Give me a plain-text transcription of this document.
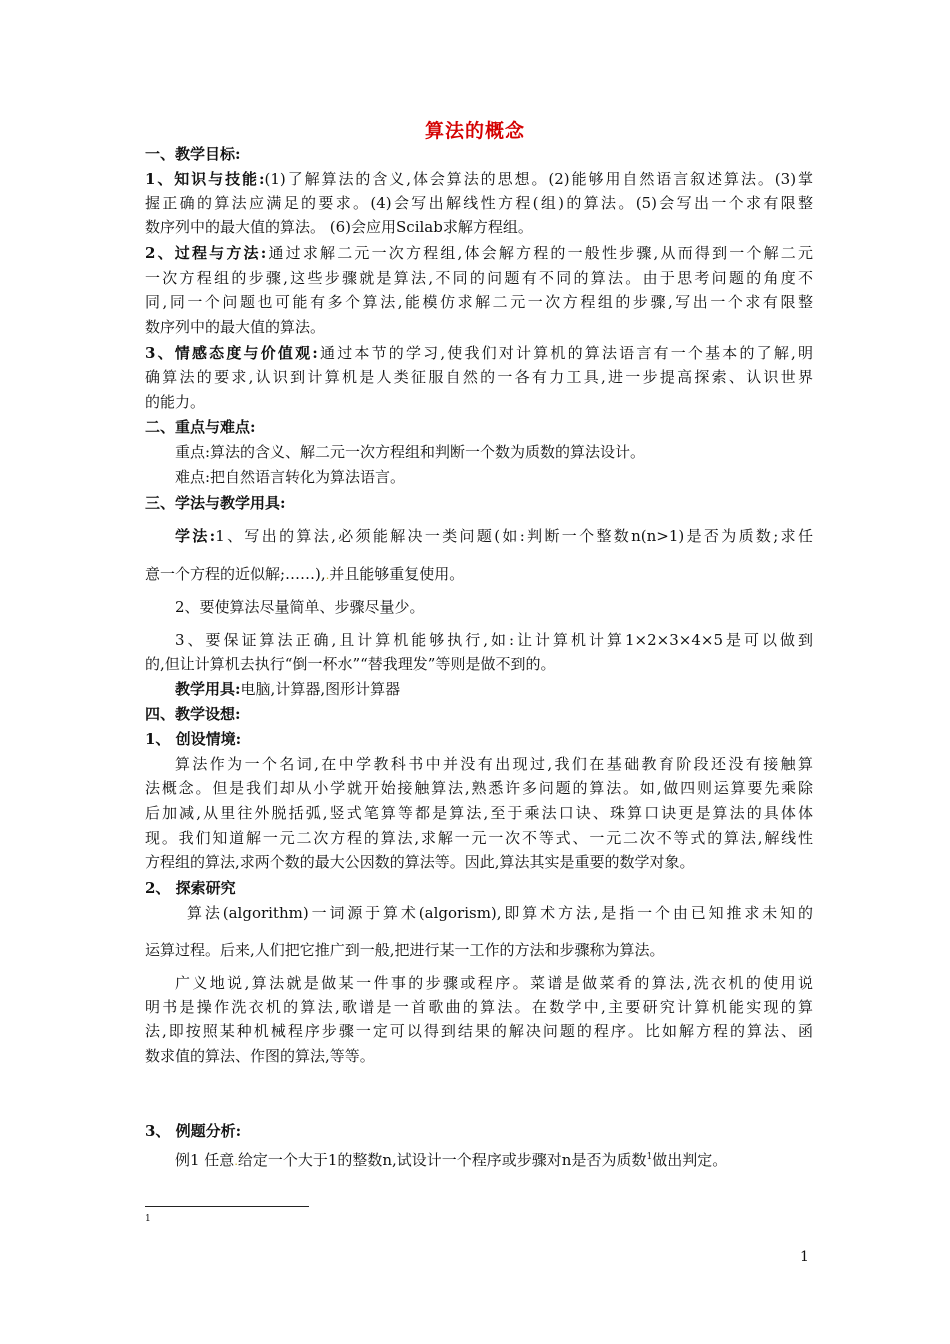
算法的概念
一、教学目标:
1、知识与技能:(1)了解算法的含义,体会算法的思想。(2)能够用自然语言叙述算法。(3)掌
握正确的算法应满足的要求。(4)会写出解线性方程(组)的算法。(5)会写出一个求有限整
数序列中的最大值的算法。 (6)会应用Scilab求解方程组。
2、过程与方法:通过求解二元一次方程组,体会解方程的一般性步骤,从而得到一个解二元
一次方程组的步骤,这些步骤就是算法,不同的问题有不同的算法。由于思考问题的角度不
同,同一个问题也可能有多个算法,能模仿求解二元一次方程组的步骤,写出一个求有限整
数序列中的最大值的算法。
3、情感态度与价值观:通过本节的学习,使我们对计算机的算法语言有一个基本的了解,明
确算法的要求,认识到计算机是人类征服自然的一各有力工具,进一步提高探索、认识世界
的能力。
二、重点与难点:
重点:算法的含义、解二元一次方程组和判断一个数为质数的算法设计。
难点:把自然语言转化为算法语言。
三、学法与教学用具:
学法:1、写出的算法,必须能解决一类问题(如:判断一个整数n(n>1)是否为质数;求任
意一个方程的近似解;……),.并且能够重复使用。
2、要使算法尽量简单、步骤尽量少。
3、要保证算法正确,且计算机能够执行,如:让计算机计算1×2×3×4×5是可以做到
的,但让计算机去执行“倒一杯水”“替我理发”等则是做不到的。
教学用具:电脑,计算器,图形计算器
四、教学设想:
1、 创设情境:
算法作为一个名词,在中学教科书中并没有出现过,我们在基础教育阶段还没有接触算
法概念。但是我们却从小学就开始接触算法,熟悉许多问题的算法。如,做四则运算要先乘除
后加减,从里往外脱括弧,竖式笔算等都是算法,至于乘法口诀、珠算口诀更是算法的具体体
现。我们知道解一元二次方程的算法,求解一元一次不等式、一元二次不等式的算法,解线性
方程组的算法,求两个数的最大公因数的算法等。因此,算法其实是重要的数学对象。
2、 探索研究
算法(algorithm)一词源于算术(algorism),即算术方法,是指一个由已知推求未知的
运算过程。后来,人们把它推广到一般,把进行某一工作的方法和步骤称为算法。
广义地说,算法就是做某一件事的步骤或程序。菜谱是做菜肴的算法,洗衣机的使用说
明书是操作洗衣机的算法,歌谱是一首歌曲的算法。在数学中,主要研究计算机能实现的算
法,即按照某种机械程序步骤一定可以得到结果的解决问题的程序。比如解方程的算法、函
数求值的算法、作图的算法,等等。
3、 例题分析:
例1 任意.给定一个大于1的整数n,试设计一个程序或步骤对n是否为质数$^1$做出判定。
1
1
